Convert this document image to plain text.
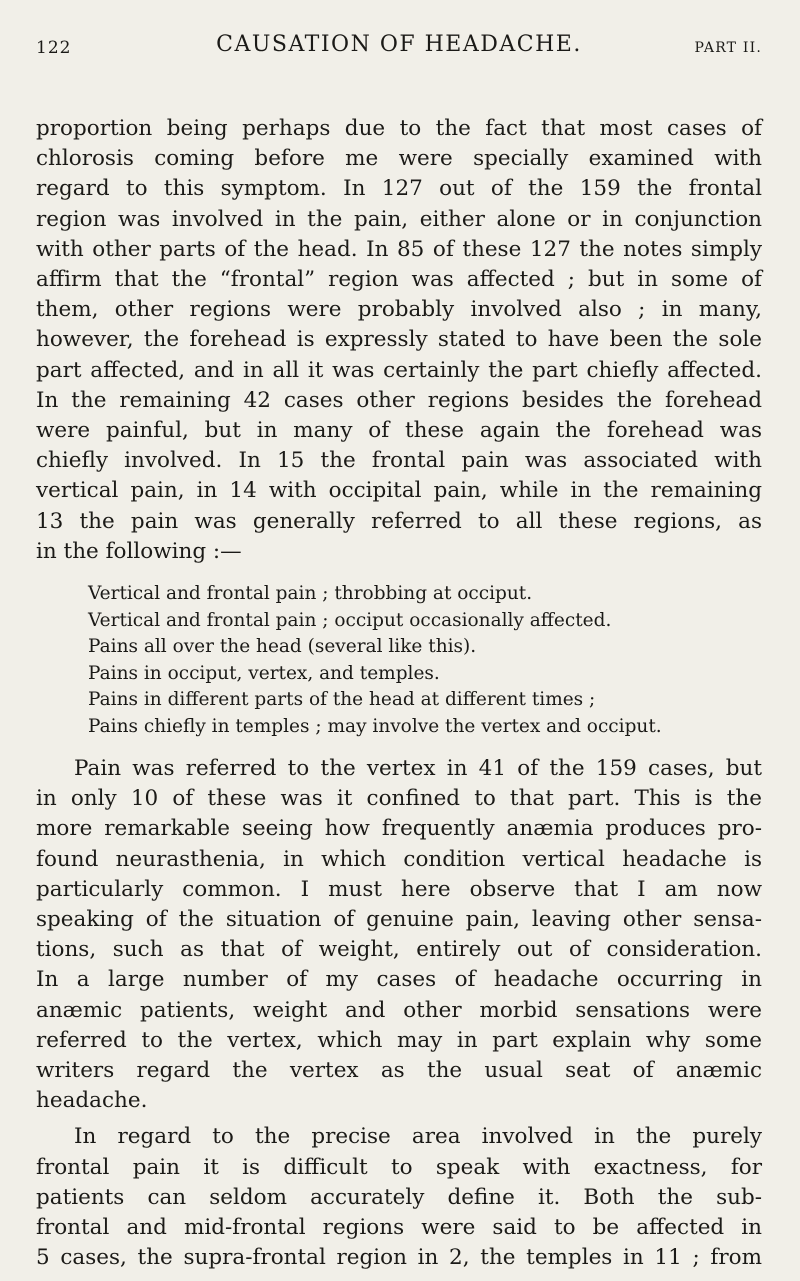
122	CAUSATION OF HEADACHE.	PART II.

proportion being perhaps due to the fact that most cases of
chlorosis coming before me were specially examined with
regard to this symptom. In 127 out of the 159 the frontal
region was involved in the pain, either alone or in conjunction
with other parts of the head. In 85 of these 127 the notes simply
affirm that the “frontal” region was affected ; but in some of
them, other regions were probably involved also ; in many,
however, the forehead is expressly stated to have been the sole
part affected, and in all it was certainly the part chiefly affected.
In the remaining 42 cases other regions besides the forehead
were painful, but in many of these again the forehead was
chiefly involved. In 15 the frontal pain was associated with
vertical pain, in 14 with occipital pain, while in the remaining
13 the pain was generally referred to all these regions, as
in the following :—

Vertical and frontal pain ; throbbing at occiput.
Vertical and frontal pain ; occiput occasionally affected.
Pains all over the head (several like this).
Pains in occiput, vertex, and temples.
Pains in different parts of the head at different times ;
Pains chiefly in temples ; may involve the vertex and occiput.

Pain was referred to the vertex in 41 of the 159 cases, but
in only 10 of these was it confined to that part. This is the
more remarkable seeing how frequently anæmia produces pro-
found neurasthenia, in which condition vertical headache is
particularly common. I must here observe that I am now
speaking of the situation of genuine pain, leaving other sensa-
tions, such as that of weight, entirely out of consideration.
In a large number of my cases of headache occurring in
anæmic patients, weight and other morbid sensations were
referred to the vertex, which may in part explain why some
writers regard the vertex as the usual seat of anæmic
headache.

In regard to the precise area involved in the purely
frontal pain it is difficult to speak with exactness, for
patients can seldom accurately define it. Both the sub-
frontal and mid-frontal regions were said to be affected in
5 cases, the supra-frontal region in 2, the temples in 11 ; from
